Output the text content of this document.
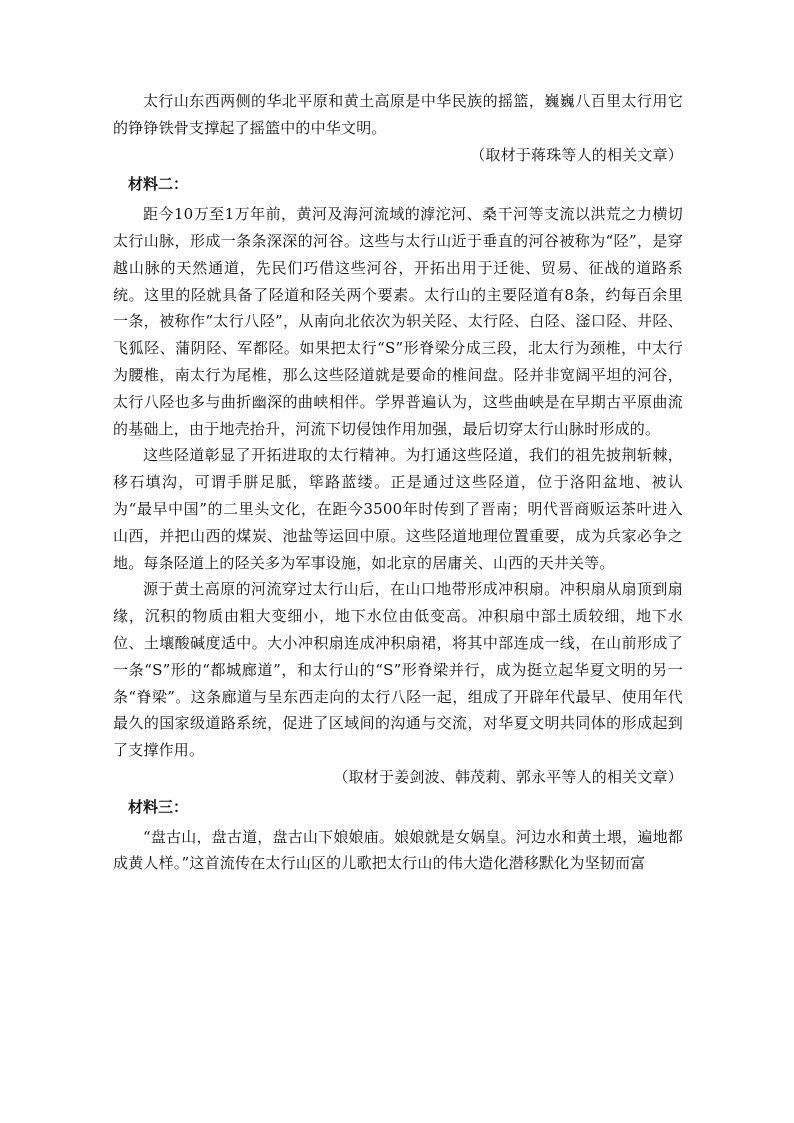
太行山东西两侧的华北平原和黄土高原是中华民族的摇篮，巍巍八百里太行用它的铮铮铁骨支撑起了摇篮中的中华文明。

（取材于蒋珠等人的相关文章）

材料二：

距今10万至1万年前，黄河及海河流域的滹沱河、桑干河等支流以洪荒之力横切太行山脉，形成一条条深深的河谷。这些与太行山近于垂直的河谷被称为“陉”，是穿越山脉的天然通道，先民们巧借这些河谷，开拓出用于迁徙、贸易、征战的道路系统。这里的陉就具备了陉道和陉关两个要素。太行山的主要陉道有8条，约每百余里一条，被称作“太行八陉”，从南向北依次为轵关陉、太行陉、白陉、滏口陉、井陉、飞狐陉、蒲阴陉、军都陉。如果把太行“S”形脊梁分成三段，北太行为颈椎，中太行为腰椎，南太行为尾椎，那么这些陉道就是要命的椎间盘。陉并非宽阔平坦的河谷，太行八陉也多与曲折幽深的曲峡相伴。学界普遍认为，这些曲峡是在早期古平原曲流的基础上，由于地壳抬升，河流下切侵蚀作用加强，最后切穿太行山脉时形成的。

这些陉道彰显了开拓进取的太行精神。为打通这些陉道，我们的祖先披荆斩棘，移石填沟，可谓手胼足胝，筚路蓝缕。正是通过这些陉道，位于洛阳盆地、被认为“最早中国”的二里头文化，在距今3500年时传到了晋南；明代晋商贩运茶叶进入山西，并把山西的煤炭、池盐等运回中原。这些陉道地理位置重要，成为兵家必争之地。每条陉道上的陉关多为军事设施，如北京的居庸关、山西的天井关等。

源于黄土高原的河流穿过太行山后，在山口地带形成冲积扇。冲积扇从扇顶到扇缘，沉积的物质由粗大变细小，地下水位由低变高。冲积扇中部土质较细，地下水位、土壤酸碱度适中。大小冲积扇连成冲积扇裙，将其中部连成一线，在山前形成了一条“S”形的“都城廊道”，和太行山的“S”形脊梁并行，成为挺立起华夏文明的另一条“脊梁”。这条廊道与呈东西走向的太行八陉一起，组成了开辟年代最早、使用年代最久的国家级道路系统，促进了区域间的沟通与交流，对华夏文明共同体的形成起到了支撑作用。

（取材于姜剑波、韩茂莉、郭永平等人的相关文章）

材料三：

“盘古山，盘古道，盘古山下娘娘庙。娘娘就是女娲皇。河边水和黄土㙗，遍地都成黄人样。”这首流传在太行山区的儿歌把太行山的伟大造化潜移默化为坚韧而富
